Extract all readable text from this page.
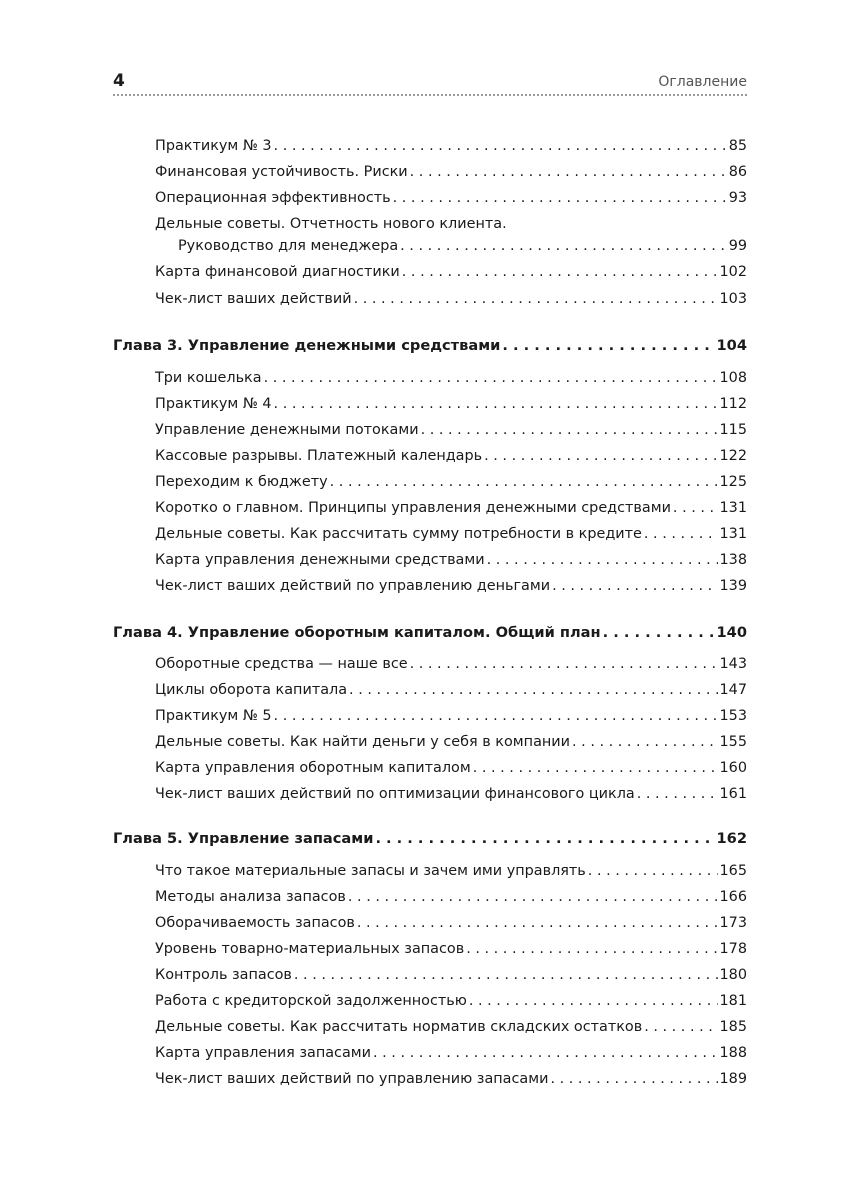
4	Оглавление
Практикум № 3 . . .	85
Финансовая устойчивость. Риски . . .	86
Операционная эффективность . . .	93
Дельные советы. Отчетность нового клиента.
Руководство для менеджера . . .	99
Карта финансовой диагностики . . .	102
Чек-лист ваших действий . . .	103
Глава 3. Управление денежными средствами . . .	104
Три кошелька . . .	108
Практикум № 4 . . .	112
Управление денежными потоками . . .	115
Кассовые разрывы. Платежный календарь . . .	122
Переходим к бюджету . . .	125
Коротко о главном. Принципы управления денежными средствами . . .	131
Дельные советы. Как рассчитать сумму потребности в кредите . . .	131
Карта управления денежными средствами . . .	138
Чек-лист ваших действий по управлению деньгами . . .	139
Глава 4. Управление оборотным капиталом. Общий план . . .	140
Оборотные средства — наше все . . .	143
Циклы оборота капитала . . .	147
Практикум № 5 . . .	153
Дельные советы. Как найти деньги у себя в компании . . .	155
Карта управления оборотным капиталом . . .	160
Чек-лист ваших действий по оптимизации финансового цикла . . .	161
Глава 5. Управление запасами . . .	162
Что такое материальные запасы и зачем ими управлять . . .	165
Методы анализа запасов . . .	166
Оборачиваемость запасов . . .	173
Уровень товарно-материальных запасов . . .	178
Контроль запасов . . .	180
Работа с кредиторской задолженностью . . .	181
Дельные советы. Как рассчитать норматив складских остатков . . .	185
Карта управления запасами . . .	188
Чек-лист ваших действий по управлению запасами . . .	189
